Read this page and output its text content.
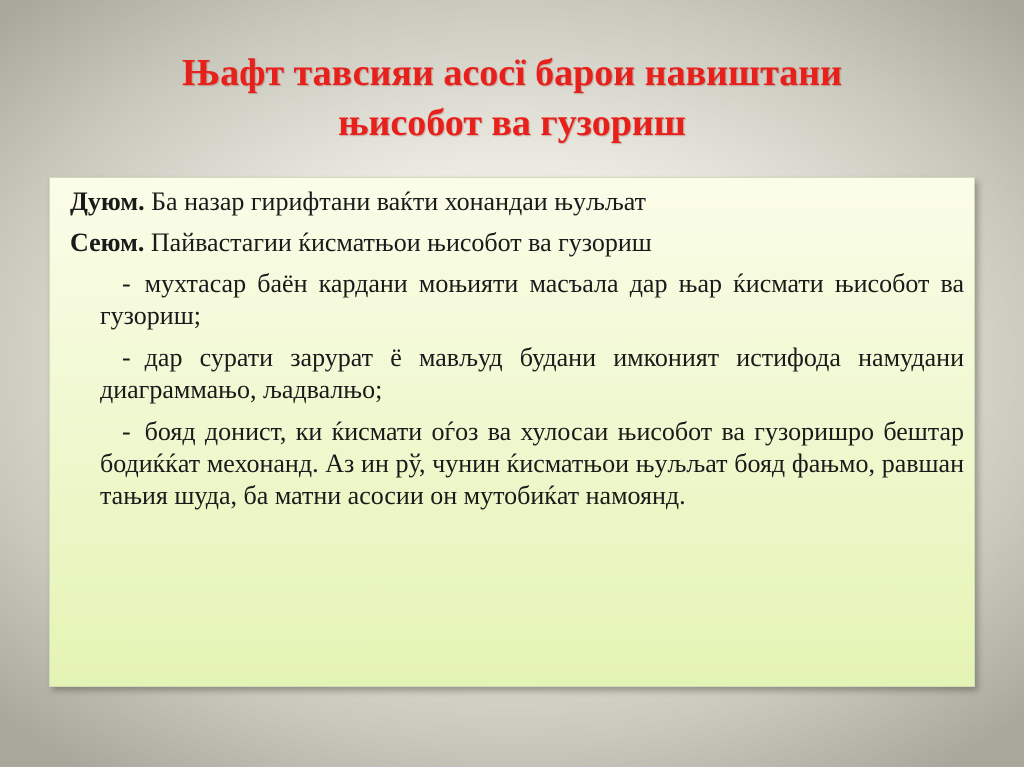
Њафт тавсияи асосї барои навиштани
њисобот ва гузориш
Дуюм. Ба назар гирифтани ваќти хонандаи њуљљат
Сеюм. Пайвастагии ќисматњои њисобот ва гузориш
- мухтасар баён кардани моњияти масъала дар њар ќисмати њисобот ва гузориш;
- дар сурати зарурат ё мављуд будани имконият истифода намудани диаграммањо, љадвалњо;
- бояд донист, ки ќисмати оѓоз ва хулосаи њисобот ва гузоришро бештар бодиќќат мехонанд. Аз ин рў, чунин ќисматњои њуљљат бояд фањмо, равшан тањия шуда, ба матни асосии он мутобиќат намоянд.
